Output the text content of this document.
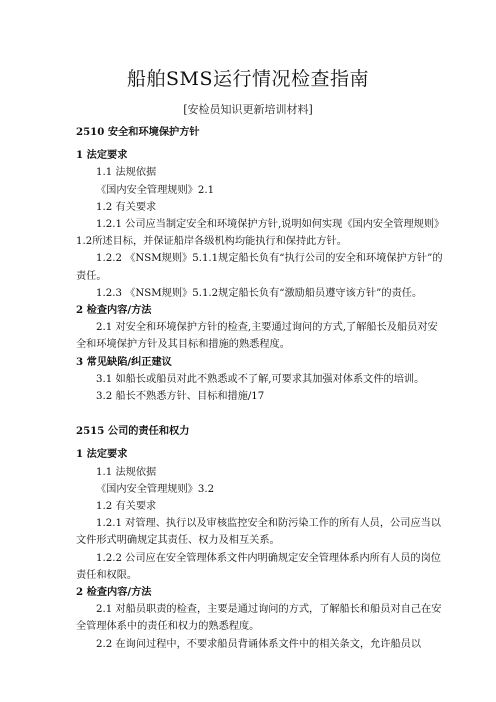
船舶SMS运行情况检查指南
[安检员知识更新培训材料]

2510 安全和环境保护方针

1 法定要求

1.1 法规依据

《国内安全管理规则》2.1

1.2 有关要求

1.2.1 公司应当制定安全和环境保护方针,说明如何实现《国内安全管理规则》1.2所述目标，并保证船岸各级机构均能执行和保持此方针。

1.2.2 《NSM规则》5.1.1规定船长负有“执行公司的安全和环境保护方针”的责任。

1.2.3 《NSM规则》5.1.2规定船长负有“激励船员遵守该方针”的责任。

2 检查内容/方法

2.1 对安全和环境保护方针的检查,主要通过询问的方式,了解船长及船员对安全和环境保护方针及其目标和措施的熟悉程度。

3 常见缺陷/纠正建议

3.1 如船长或船员对此不熟悉或不了解,可要求其加强对体系文件的培训。

3.2 船长不熟悉方针、目标和措施/17

2515 公司的责任和权力

1 法定要求

1.1 法规依据

《国内安全管理规则》3.2

1.2 有关要求

1.2.1 对管理、执行以及审核监控安全和防污染工作的所有人员，公司应当以文件形式明确规定其责任、权力及相互关系。

1.2.2 公司应在安全管理体系文件内明确规定安全管理体系内所有人员的岗位责任和权限。

2 检查内容/方法

2.1 对船员职责的检查，主要是通过询问的方式，了解船长和船员对自己在安全管理体系中的责任和权力的熟悉程度。

2.2 在询问过程中，不要求船员背诵体系文件中的相关条文，允许船员以
